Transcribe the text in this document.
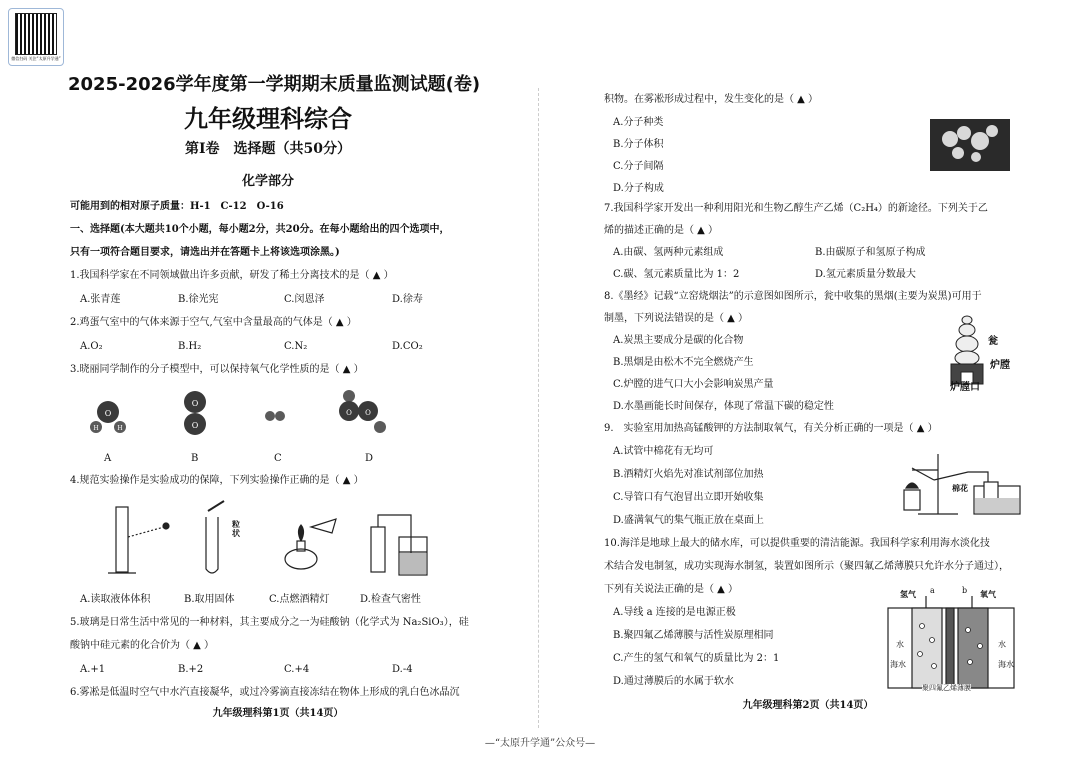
微信扫码 关注“太原升学通”
2025-2026学年度第一学期期末质量监测试题(卷)
九年级理科综合
第Ⅰ卷　选择题（共50分）
化学部分
可能用到的相对原子质量：H-1　C-12　O-16
一、选择题(本大题共10个小题，每小题2分，共20分。在每小题给出的四个选项中，
只有一项符合题目要求，请选出并在答题卡上将该选项涂黑。)
1.我国科学家在不同领域做出许多贡献，研发了稀土分离技术的是（ ▲ ）
A.张青莲	B.徐光宪	C.闵恩泽	D.徐寿
2.鸡蛋气室中的气体来源于空气,气室中含量最高的气体是（ ▲ ）
A.O₂	B.H₂	C.N₂	D.CO₂
3.晓丽同学制作的分子模型中，可以保持氧气化学性质的是（ ▲ ）
O
H	H
O
O
O O
A	B	C	D
4.规范实验操作是实验成功的保障，下列实验操作正确的是（ ▲ ）
粒
状
A.读取液体体积	B.取用固体	C.点燃酒精灯	D.检查气密性
5.玻璃是日常生活中常见的一种材料，其主要成分之一为硅酸钠（化学式为 Na₂SiO₃），硅
酸钠中硅元素的化合价为（ ▲ ）
A.+1	B.+2	C.+4	D.-4
6.雾凇是低温时空气中水汽直接凝华，或过冷雾滴直接冻结在物体上形成的乳白色冰晶沉
九年级理科第1页（共14页）
积物。在雾凇形成过程中，发生变化的是（ ▲ ）
A.分子种类
B.分子体积
C.分子间隔
D.分子构成
7.我国科学家开发出一种利用阳光和生物乙醇生产乙烯（C₂H₄）的新途径。下列关于乙
烯的描述正确的是（ ▲ ）
A.由碳、氢两种元素组成	B.由碳原子和氢原子构成
C.碳、氢元素质量比为 1：2	D.氢元素质量分数最大
8.《墨经》记载“立窑烧烟法”的示意图如图所示，瓮中收集的黑烟(主要为炭黑)可用于
制墨，下列说法错误的是（ ▲ ）
A.炭黑主要成分是碳的化合物
B.黑烟是由松木不完全燃烧产生
C.炉膛的进气口大小会影响炭黑产量
D.水墨画能长时间保存，体现了常温下碳的稳定性
瓮
炉膛
炉膛口
9.　实验室用加热高锰酸钾的方法制取氧气，有关分析正确的一项是（ ▲ ）
A.试管中棉花有无均可
B.酒精灯火焰先对准试剂部位加热
C.导管口有气泡冒出立即开始收集
D.盛满氧气的集气瓶正放在桌面上
棉花
10.海洋是地球上最大的储水库，可以提供重要的清洁能源。我国科学家利用海水淡化技
术结合发电制氢，成功实现海水制氢，装置如图所示（聚四氟乙烯薄膜只允许水分子通过），
下列有关说法正确的是（ ▲ ）
A.导线 a 连接的是电源正极
B.聚四氟乙烯薄膜与活性炭原理相同
C.产生的氢气和氧气的质量比为 2：1
D.通过薄膜后的水属于软水
氢气	氧气
a	b
水	水
海水	海水
聚四氟乙烯薄膜
九年级理科第2页（共14页）
—“太原升学通”公众号—
